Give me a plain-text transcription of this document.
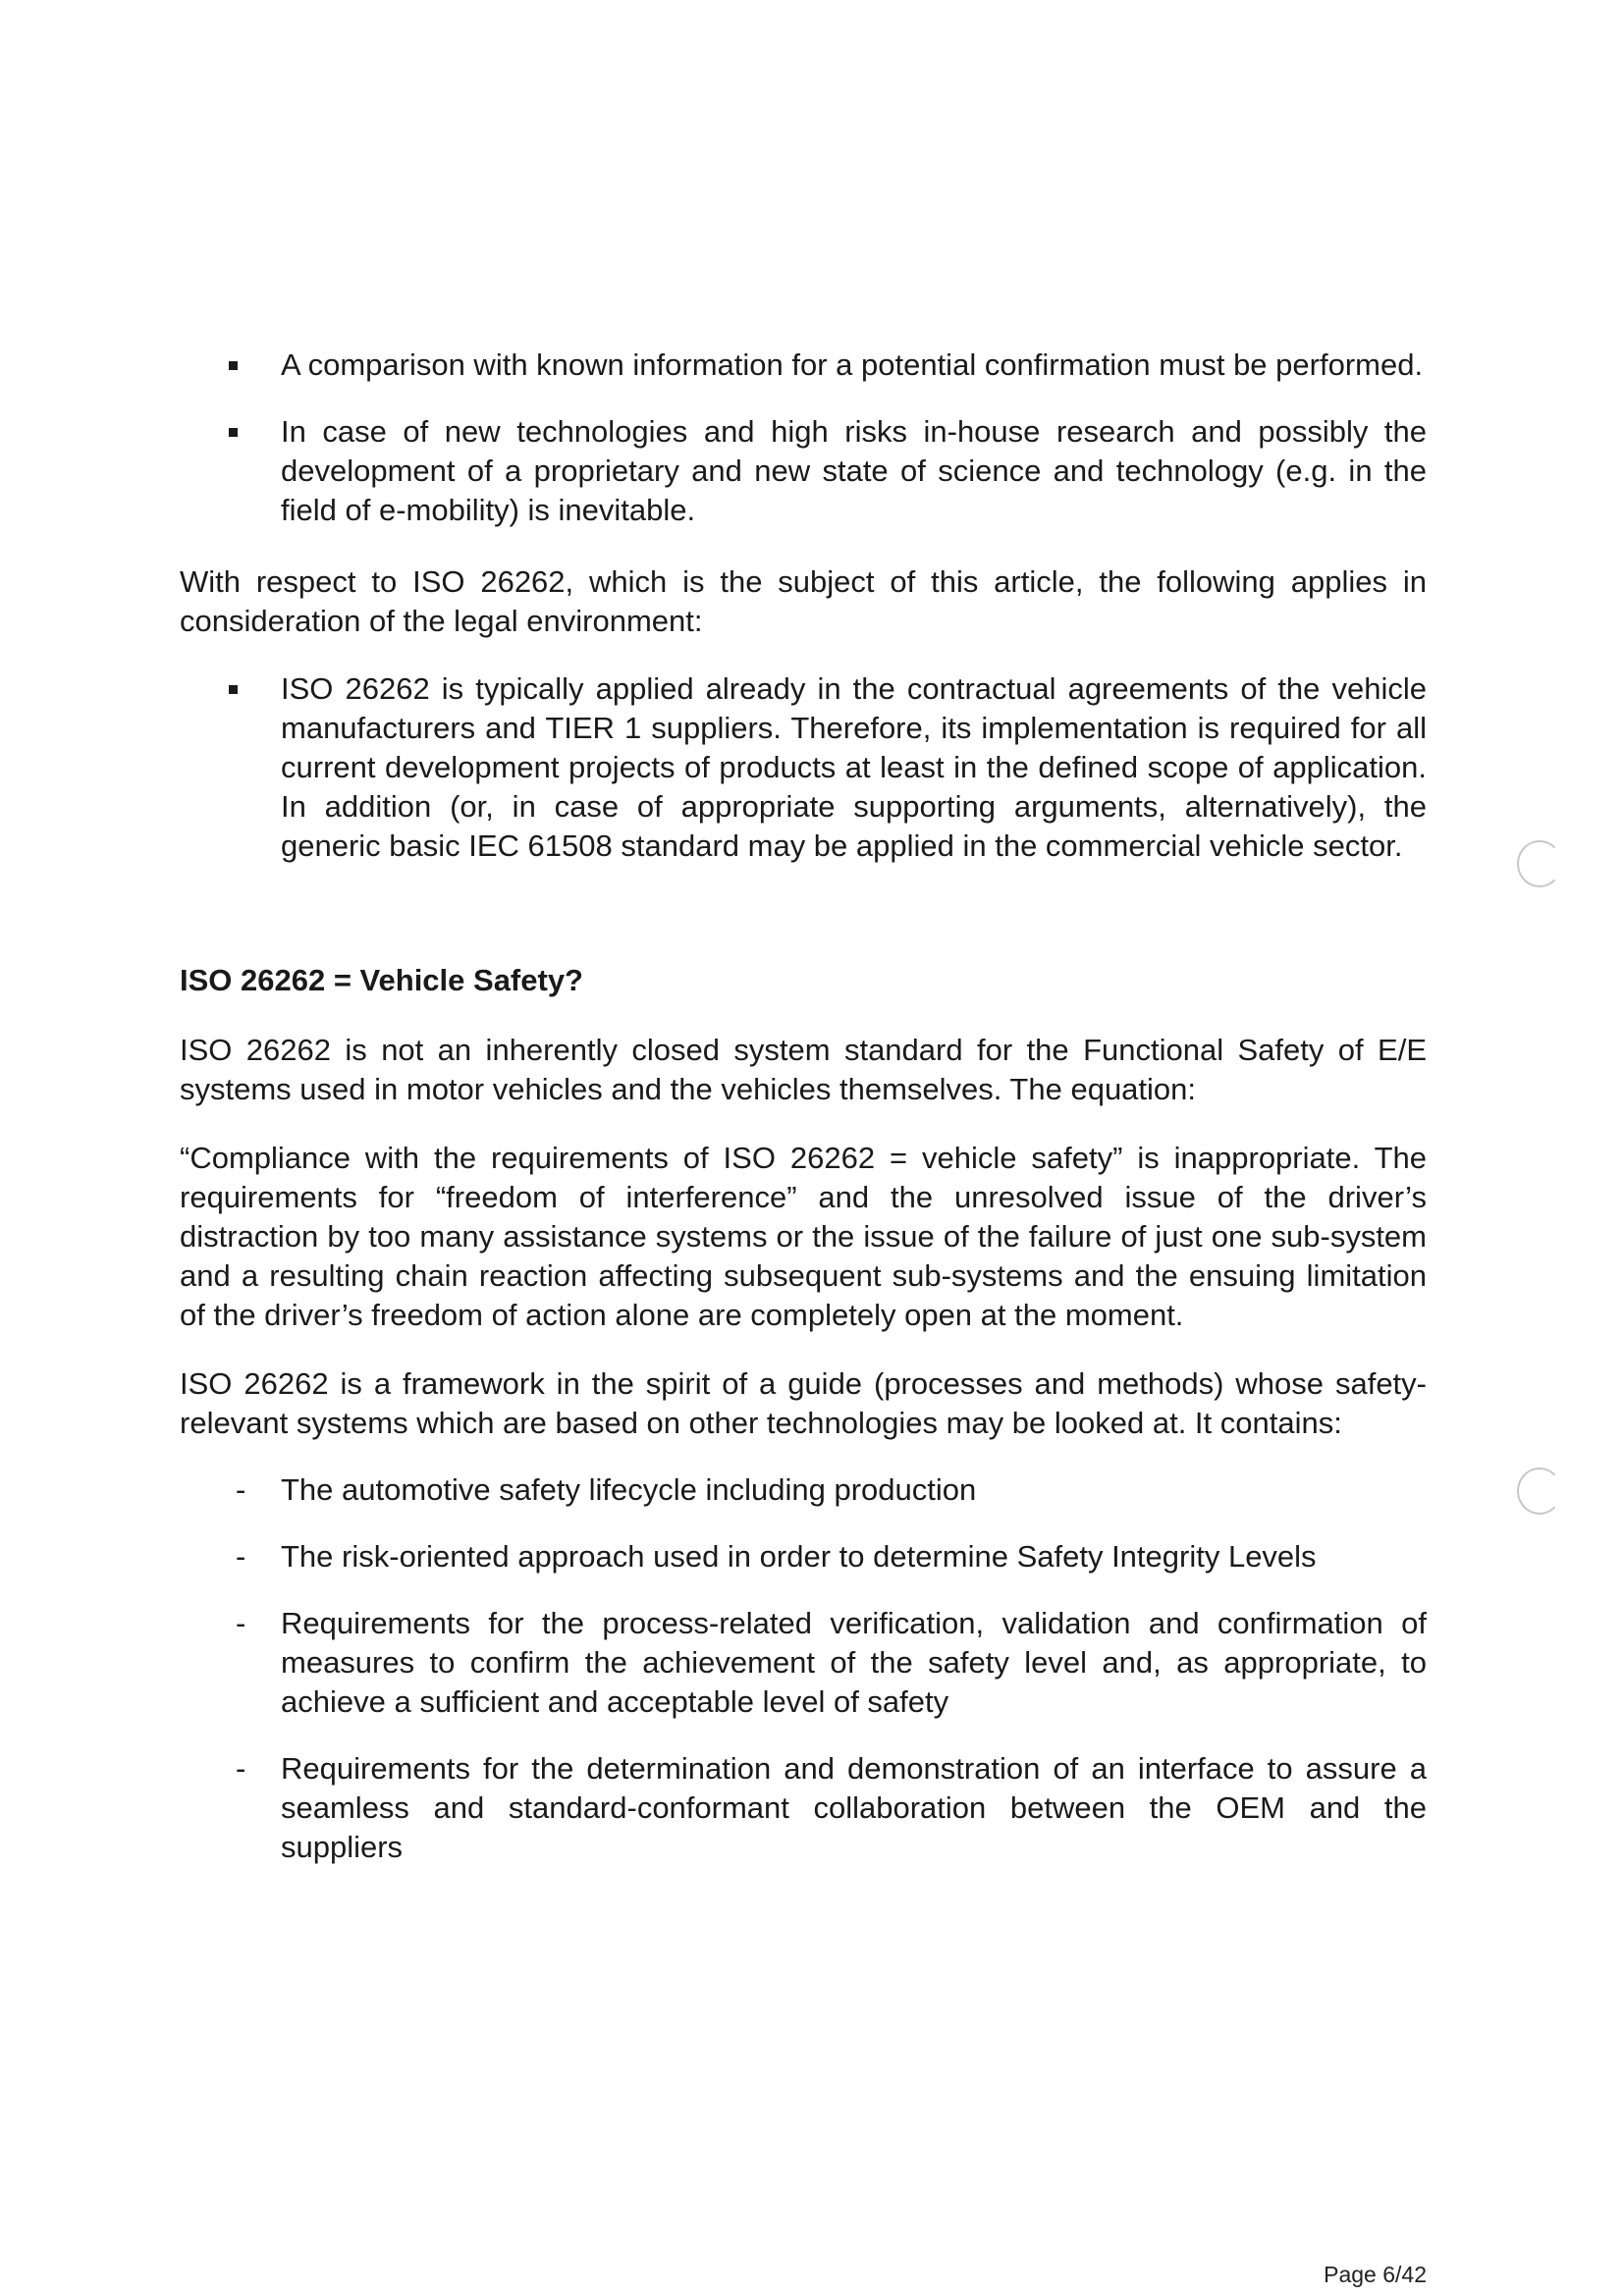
A comparison with known information for a potential confirmation must be performed.
In case of new technologies and high risks in-house research and possibly the development of a proprietary and new state of science and technology (e.g. in the field of e-mobility) is inevitable.

With respect to ISO 26262, which is the subject of this article, the following applies in consideration of the legal environment:

ISO 26262 is typically applied already in the contractual agreements of the vehicle manufacturers and TIER 1 suppliers. Therefore, its implementation is required for all current development projects of products at least in the defined scope of application. In addition (or, in case of appropriate supporting arguments, alternatively), the generic basic IEC 61508 standard may be applied in the commercial vehicle sector.
ISO 26262 = Vehicle Safety?

ISO 26262 is not an inherently closed system standard for the Functional Safety of E/E systems used in motor vehicles and the vehicles themselves. The equation:

“Compliance with the requirements of ISO 26262 = vehicle safety” is inappropriate. The requirements for “freedom of interference” and the unresolved issue of the driver’s distraction by too many assistance systems or the issue of the failure of just one sub-system and a resulting chain reaction affecting subsequent sub-systems and the ensuing limitation of the driver’s freedom of action alone are completely open at the moment.

ISO 26262 is a framework in the spirit of a guide (processes and methods) whose safety-relevant systems which are based on other technologies may be looked at. It contains:

- The automotive safety lifecycle including production
- The risk-oriented approach used in order to determine Safety Integrity Levels
- Requirements for the process-related verification, validation and confirmation of measures to confirm the achievement of the safety level and, as appropriate, to achieve a sufficient and acceptable level of safety
- Requirements for the determination and demonstration of an interface to assure a seamless and standard-conformant collaboration between the OEM and the suppliers
Page 6/42
